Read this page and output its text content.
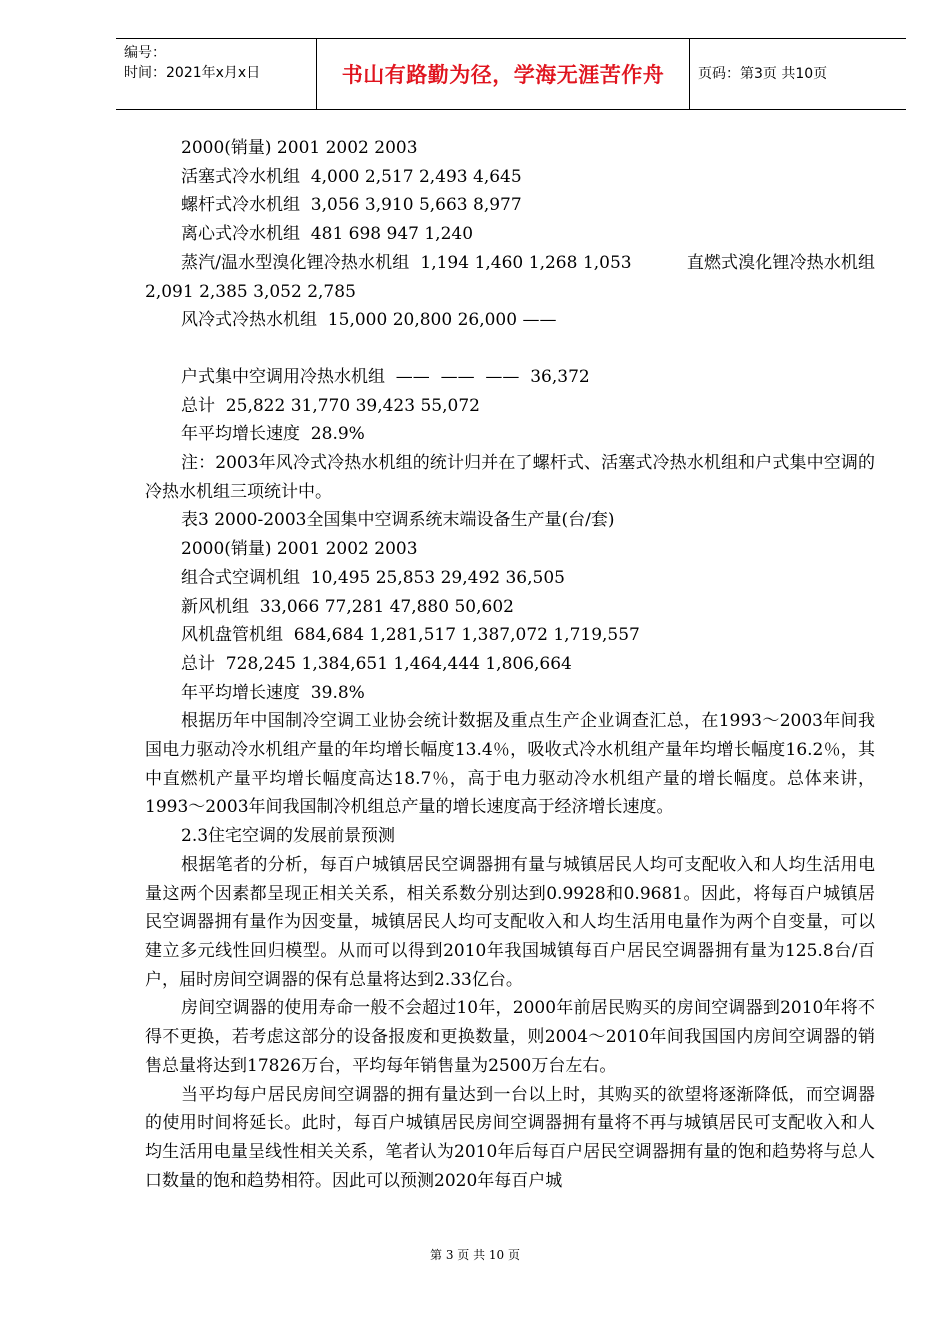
编号：
时间：2021年x月x日	书山有路勤为径，学海无涯苦作舟	页码：第3页 共10页
2000(销量) 2001 2002 2003
活塞式冷水机组  4,000 2,517 2,493 4,645
螺杆式冷水机组  3,056 3,910 5,663 8,977
离心式冷水机组  481 698 947 1,240
蒸汽/温水型溴化锂冷热水机组  1,194 1,460 1,268 1,053          直燃式溴化锂冷热水机组  2,091 2,385 3,052 2,785
风冷式冷热水机组  15,000 20,800 26,000 ——
户式集中空调用冷热水机组  ——  ——  ——  36,372
总计  25,822 31,770 39,423 55,072
年平均增长速度  28.9%
注：2003年风冷式冷热水机组的统计归并在了螺杆式、活塞式冷热水机组和户式集中空调的冷热水机组三项统计中。
表3 2000-2003全国集中空调系统末端设备生产量(台/套)
2000(销量) 2001 2002 2003
组合式空调机组  10,495 25,853 29,492 36,505
新风机组  33,066 77,281 47,880 50,602
风机盘管机组  684,684 1,281,517 1,387,072 1,719,557
总计  728,245 1,384,651 1,464,444 1,806,664
年平均增长速度  39.8%
根据历年中国制冷空调工业协会统计数据及重点生产企业调查汇总，在1993～2003年间我国电力驱动冷水机组产量的年均增长幅度13.4％，吸收式冷水机组产量年均增长幅度16.2％，其中直燃机产量平均增长幅度高达18.7％，高于电力驱动冷水机组产量的增长幅度。总体来讲，1993～2003年间我国制冷机组总产量的增长速度高于经济增长速度。
2.3住宅空调的发展前景预测
根据笔者的分析，每百户城镇居民空调器拥有量与城镇居民人均可支配收入和人均生活用电量这两个因素都呈现正相关关系，相关系数分别达到0.9928和0.9681。因此，将每百户城镇居民空调器拥有量作为因变量，城镇居民人均可支配收入和人均生活用电量作为两个自变量，可以建立多元线性回归模型。从而可以得到2010年我国城镇每百户居民空调器拥有量为125.8台/百户，届时房间空调器的保有总量将达到2.33亿台。
房间空调器的使用寿命一般不会超过10年，2000年前居民购买的房间空调器到2010年将不得不更换，若考虑这部分的设备报废和更换数量，则2004～2010年间我国国内房间空调器的销售总量将达到17826万台，平均每年销售量为2500万台左右。
当平均每户居民房间空调器的拥有量达到一台以上时，其购买的欲望将逐渐降低，而空调器的使用时间将延长。此时，每百户城镇居民房间空调器拥有量将不再与城镇居民可支配收入和人均生活用电量呈线性相关关系，笔者认为2010年后每百户居民空调器拥有量的饱和趋势将与总人口数量的饱和趋势相符。因此可以预测2020年每百户城
第 3 页 共 10 页
